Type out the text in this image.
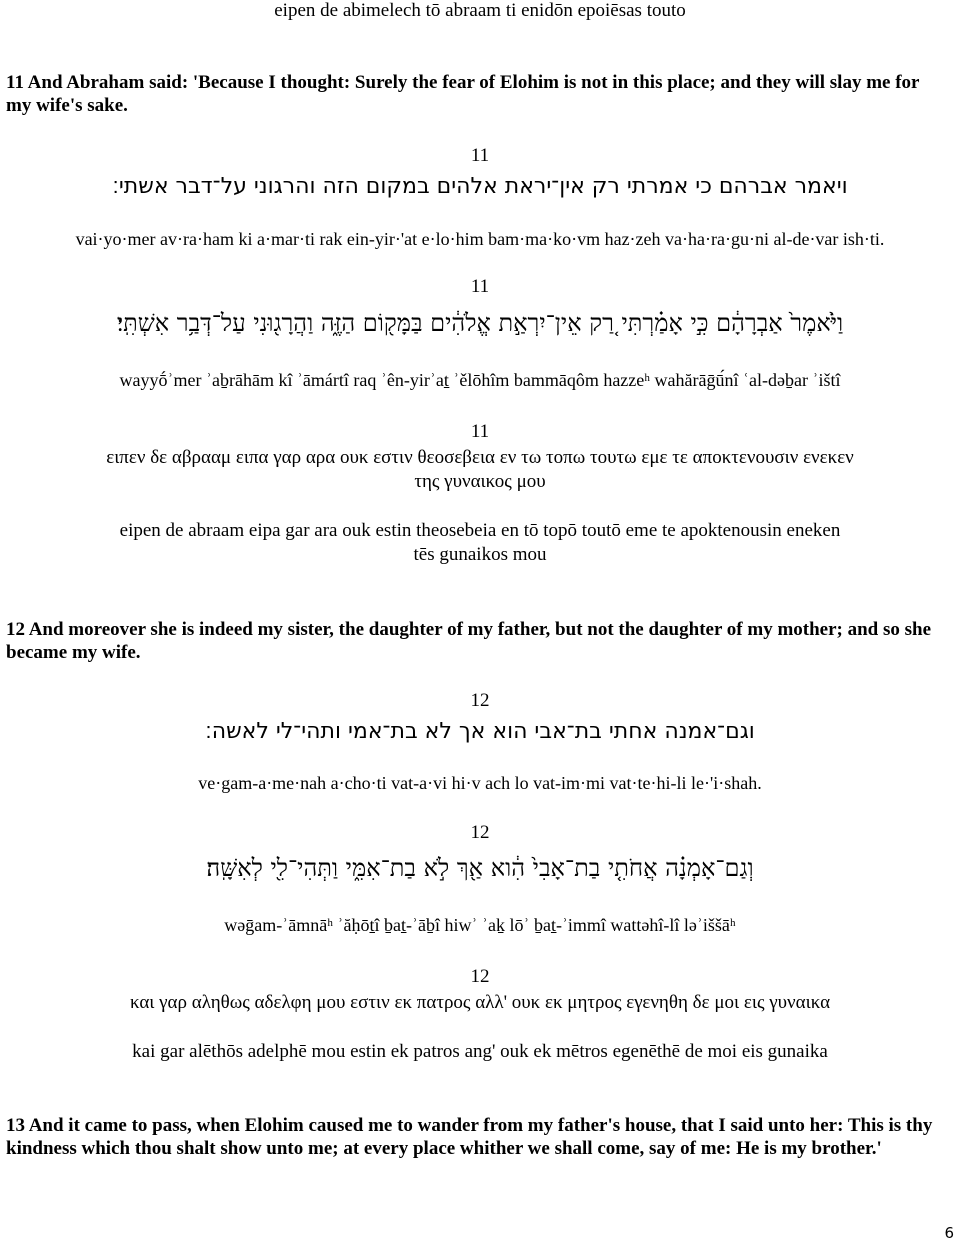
eipen de abimelech tō abraam ti enidōn epoiēsas touto
11 And Abraham said: 'Because I thought: Surely the fear of Elohim is not in this place; and they will slay me for my wife's sake.
11
ויאמר אברהם כי אמרתי רק אין־יראת אלהים במקום הזה והרגוני על־דבר אשתי׃
vai·yo·mer av·ra·ham ki a·mar·ti rak ein-yir·'at e·lo·him bam·ma·ko·vm haz·zeh va·ha·ra·gu·ni al-de·var ish·ti.
11
וַיֹּ֙אמֶר֙ אַבְרָהָ֔ם כִּ֣י אָמַ֗רְתִּי רַ֚ק אֵין־יִרְאַ֣ת אֱלֹהִ֔ים בַּמָּק֖וֹם הַזֶּ֑ה וַהֲרָג֖וּנִי עַל־דְּבַ֥ר אִשְׁתִּֽי׃
wayyṓʾmer ʾaḇrāhām kî ʾāmártî raq ʾên-yirʾaṯ ʾělōhîm bammāqôm hazzeʰ wahărāḡū́nî ʿal-dəḇar ʾištî
11
ειπεν δε αβρααμ ειπα γαρ αρα ουκ εστιν θεοσεβεια εν τω τοπω τουτω εμε τε αποκτενουσιν ενεκεν
της γυναικος μου
eipen de abraam eipa gar ara ouk estin theosebeia en tō topō toutō eme te apoktenousin eneken
tēs gunaikos mou
12 And moreover she is indeed my sister, the daughter of my father, but not the daughter of my mother; and so she became my wife.
12
וגם־אמנה אחתי בת־אבי הוא אך לא בת־אמי ותהי־לי לאשה׃
ve·gam-a·me·nah a·cho·ti vat-a·vi hi·v ach lo vat-im·mi vat·te·hi-li le·'i·shah.
12
וְגַם־אָמְנָ֗ה אֲחֹתִ֤י בַת־אָבִי֙ הִ֔וא אַ֖ךְ לֹ֣א בַת־אִמִּ֑י וַתְּהִי־לִ֖י לְאִשָּֽׁה׃
wəḡam-ʾāmnāʰ ʾăḥōṯî ḇaṯ-ʾāḇî hiwʾ ʾaḵ lōʾ ḇaṯ-ʾimmî wattəhî-lî ləʾiššāʰ
12
και γαρ αληθως αδελφη μου εστιν εκ πατρος αλλ' ουκ εκ μητρος εγενηθη δε μοι εις γυναικα
kai gar alēthōs adelphē mou estin ek patros ang' ouk ek mētros egenēthē de moi eis gunaika
13 And it came to pass, when Elohim caused me to wander from my father's house, that I said unto her: This is thy kindness which thou shalt show unto me; at every place whither we shall come, say of me: He is my brother.'
6
